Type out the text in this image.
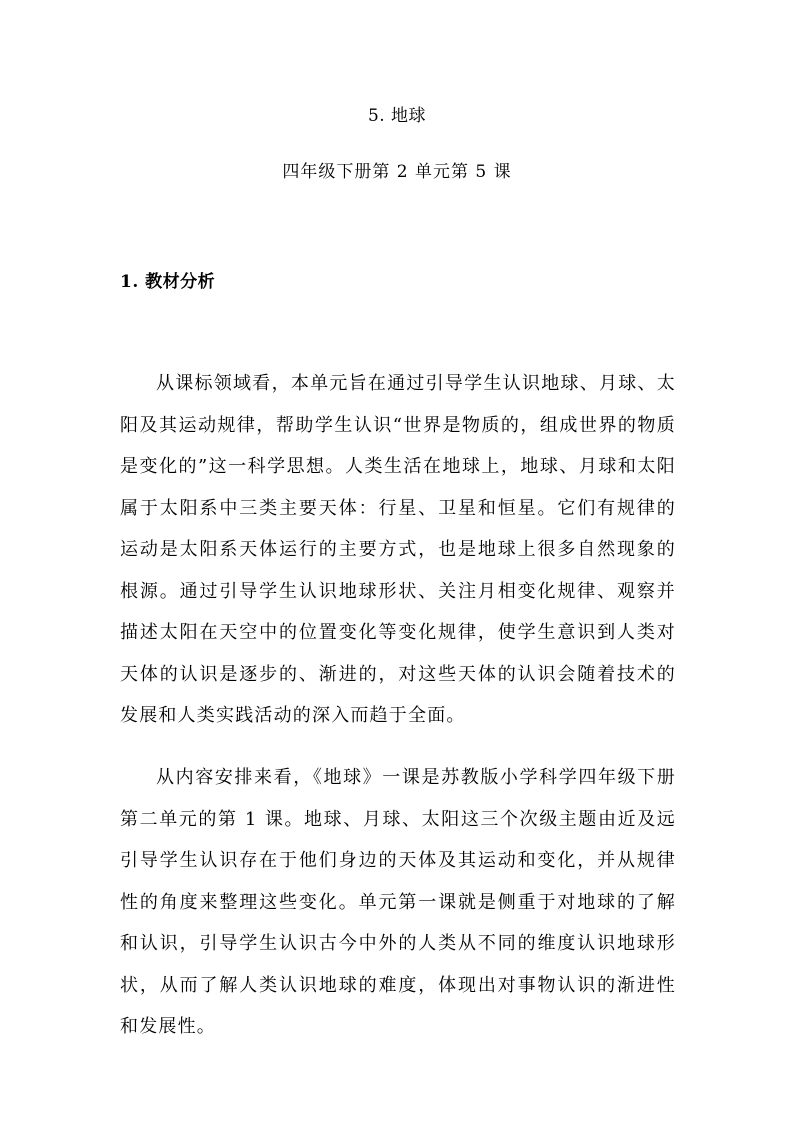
5. 地球
四年级下册第 2 单元第 5 课
1. 教材分析

从课标领域看，本单元旨在通过引导学生认识地球、月球、太阳及其运动规律，帮助学生认识“世界是物质的，组成世界的物质是变化的”这一科学思想。人类生活在地球上，地球、月球和太阳属于太阳系中三类主要天体：行星、卫星和恒星。它们有规律的运动是太阳系天体运行的主要方式，也是地球上很多自然现象的根源。通过引导学生认识地球形状、关注月相变化规律、观察并描述太阳在天空中的位置变化等变化规律，使学生意识到人类对天体的认识是逐步的、渐进的，对这些天体的认识会随着技术的发展和人类实践活动的深入而趋于全面。

从内容安排来看，《地球》一课是苏教版小学科学四年级下册第二单元的第 1 课。地球、月球、太阳这三个次级主题由近及远引导学生认识存在于他们身边的天体及其运动和变化，并从规律性的角度来整理这些变化。单元第一课就是侧重于对地球的了解和认识，引导学生认识古今中外的人类从不同的维度认识地球形状，从而了解人类认识地球的难度，体现出对事物认识的渐进性和发展性。
